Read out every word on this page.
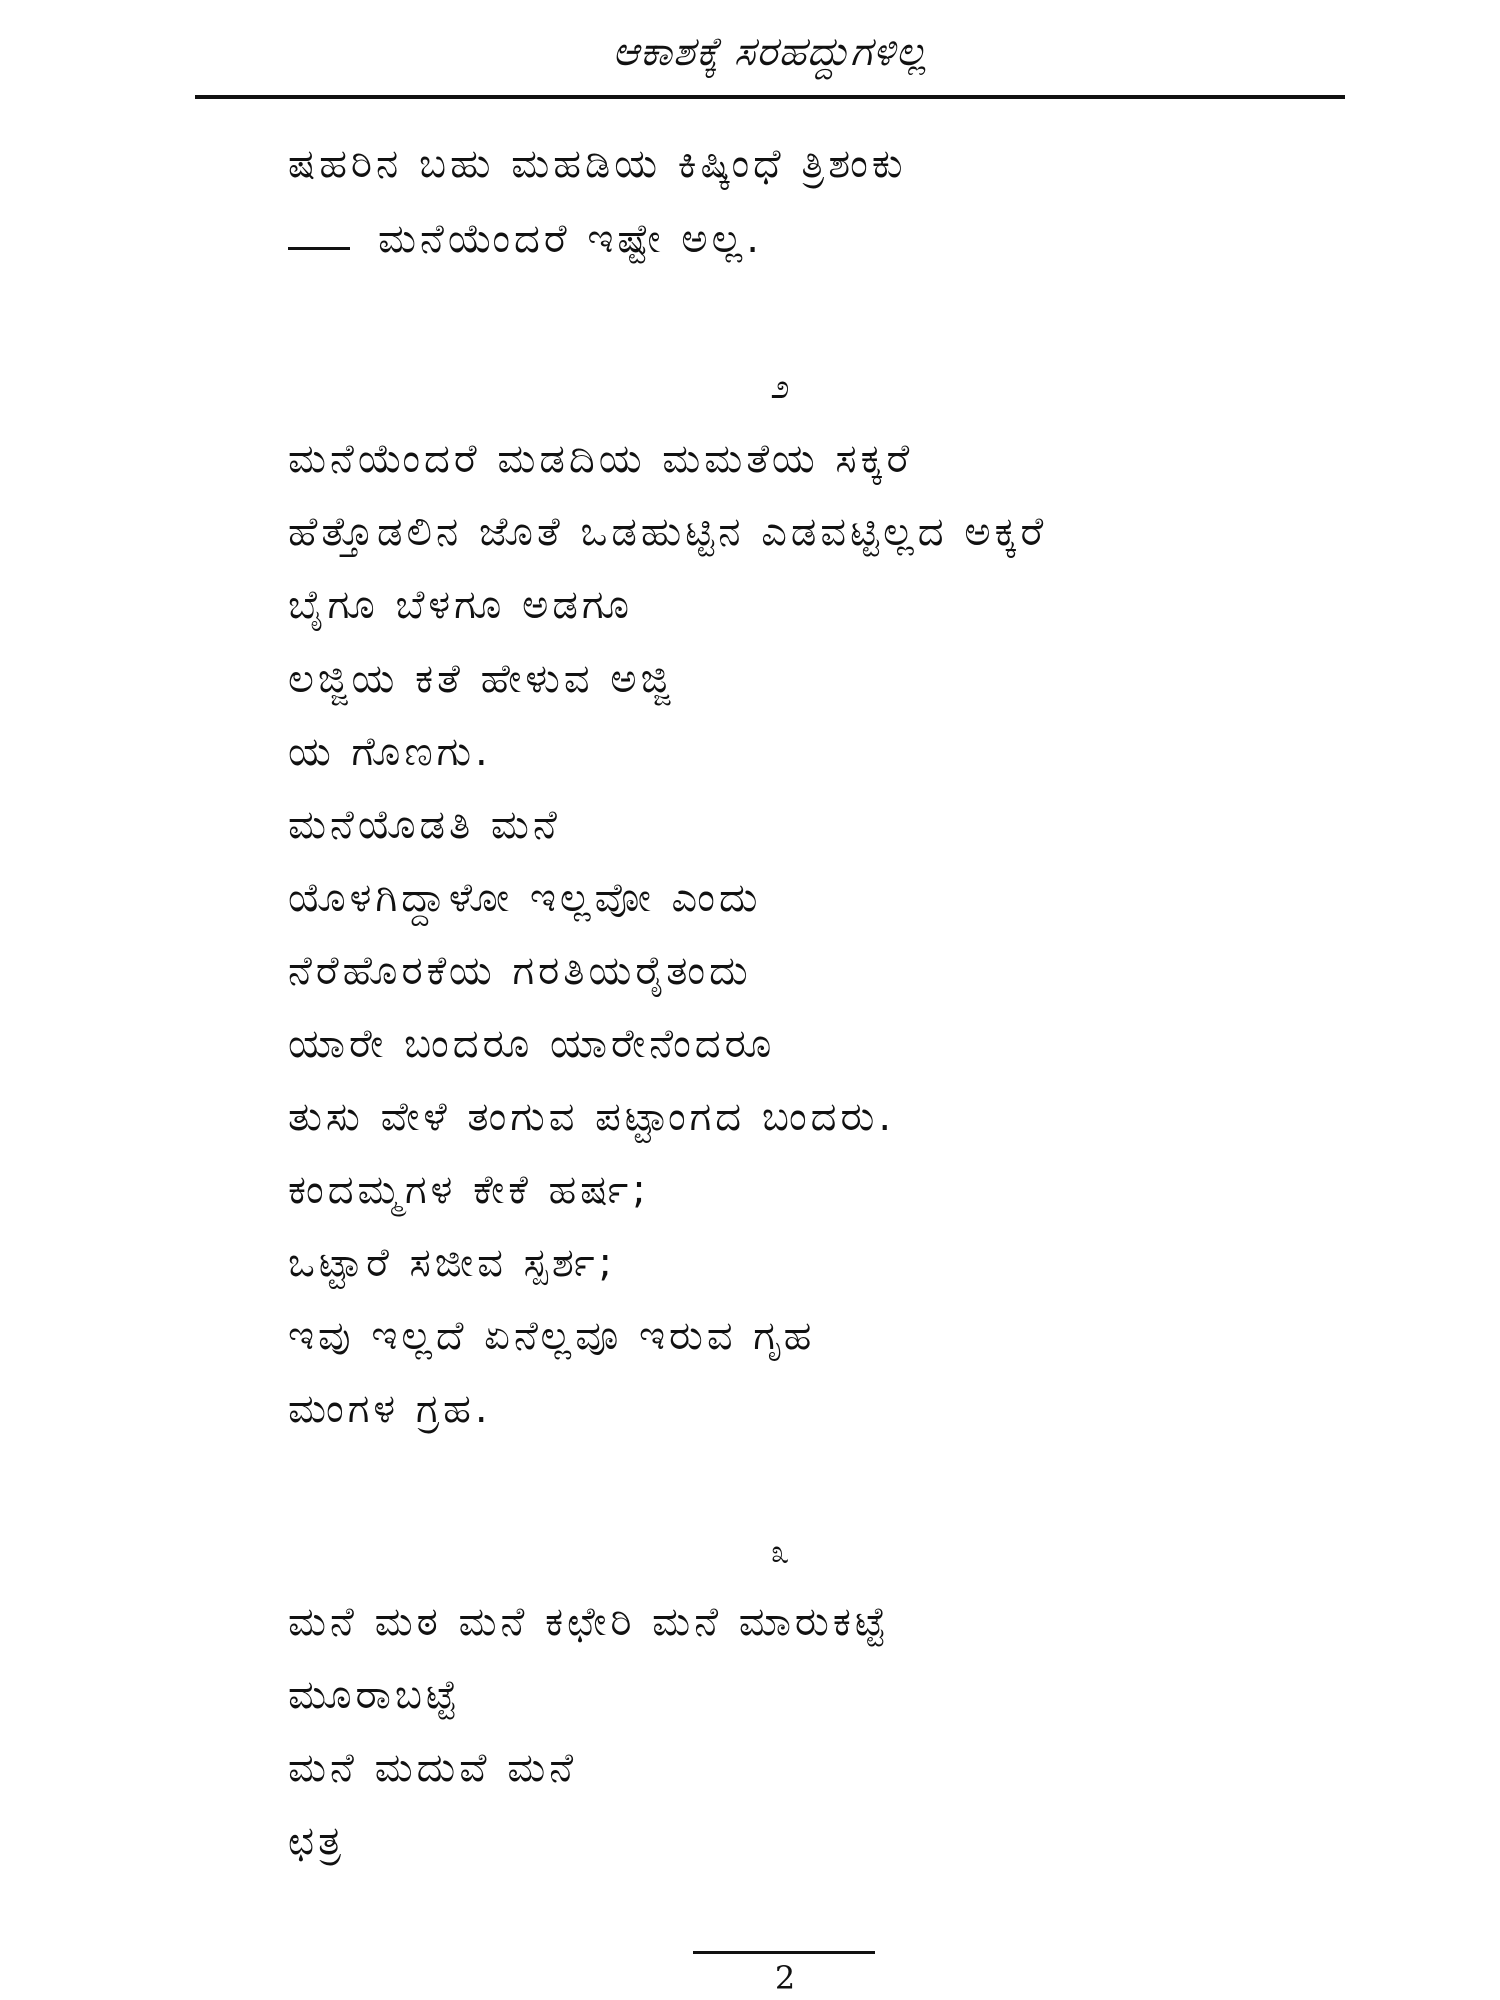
ಆಕಾಶಕ್ಕೆ ಸರಹದ್ದುಗಳಿಲ್ಲ
ಷಹರಿನ ಬಹು ಮಹಡಿಯ ಕಿಷ್ಕಿಂಧೆ ತ್ರಿಶಂಕು
ಮನೆಯೆಂದರೆ ಇಷ್ಟೇ ಅಲ್ಲ.
೨
ಮನೆಯೆಂದರೆ ಮಡದಿಯ ಮಮತೆಯ ಸಕ್ಕರೆ
ಹೆತ್ತೊಡಲಿನ ಜೊತೆ ಒಡಹುಟ್ಟಿನ ಎಡವಟ್ಟಿಲ್ಲದ ಅಕ್ಕರೆ
ಬೈಗೂ ಬೆಳಗೂ ಅಡಗೂ
ಲಜ್ಜಿಯ ಕತೆ ಹೇಳುವ ಅಜ್ಜಿ
ಯ ಗೊಣಗು.
ಮನೆಯೊಡತಿ ಮನೆ
ಯೊಳಗಿದ್ದಾಳೋ ಇಲ್ಲವೋ ಎಂದು
ನೆರೆಹೊರಕೆಯ ಗರತಿಯರೈತಂದು
ಯಾರೇ ಬಂದರೂ ಯಾರೇನೆಂದರೂ
ತುಸು ವೇಳೆ ತಂಗುವ ಪಟ್ಟಾಂಗದ ಬಂದರು.
ಕಂದಮ್ಮಗಳ ಕೇಕೆ ಹರ್ಷ;
ಒಟ್ಟಾರೆ ಸಜೀವ ಸ್ಪರ್ಶ;
ಇವು ಇಲ್ಲದೆ ಏನೆಲ್ಲವೂ ಇರುವ ಗೃಹ
ಮಂಗಳ ಗ್ರಹ.
೩
ಮನೆ ಮಠ ಮನೆ ಕಛೇರಿ ಮನೆ ಮಾರುಕಟ್ಟೆ
ಮೂರಾಬಟ್ಟೆ
ಮನೆ ಮದುವೆ ಮನೆ
ಛತ್ರ
2
